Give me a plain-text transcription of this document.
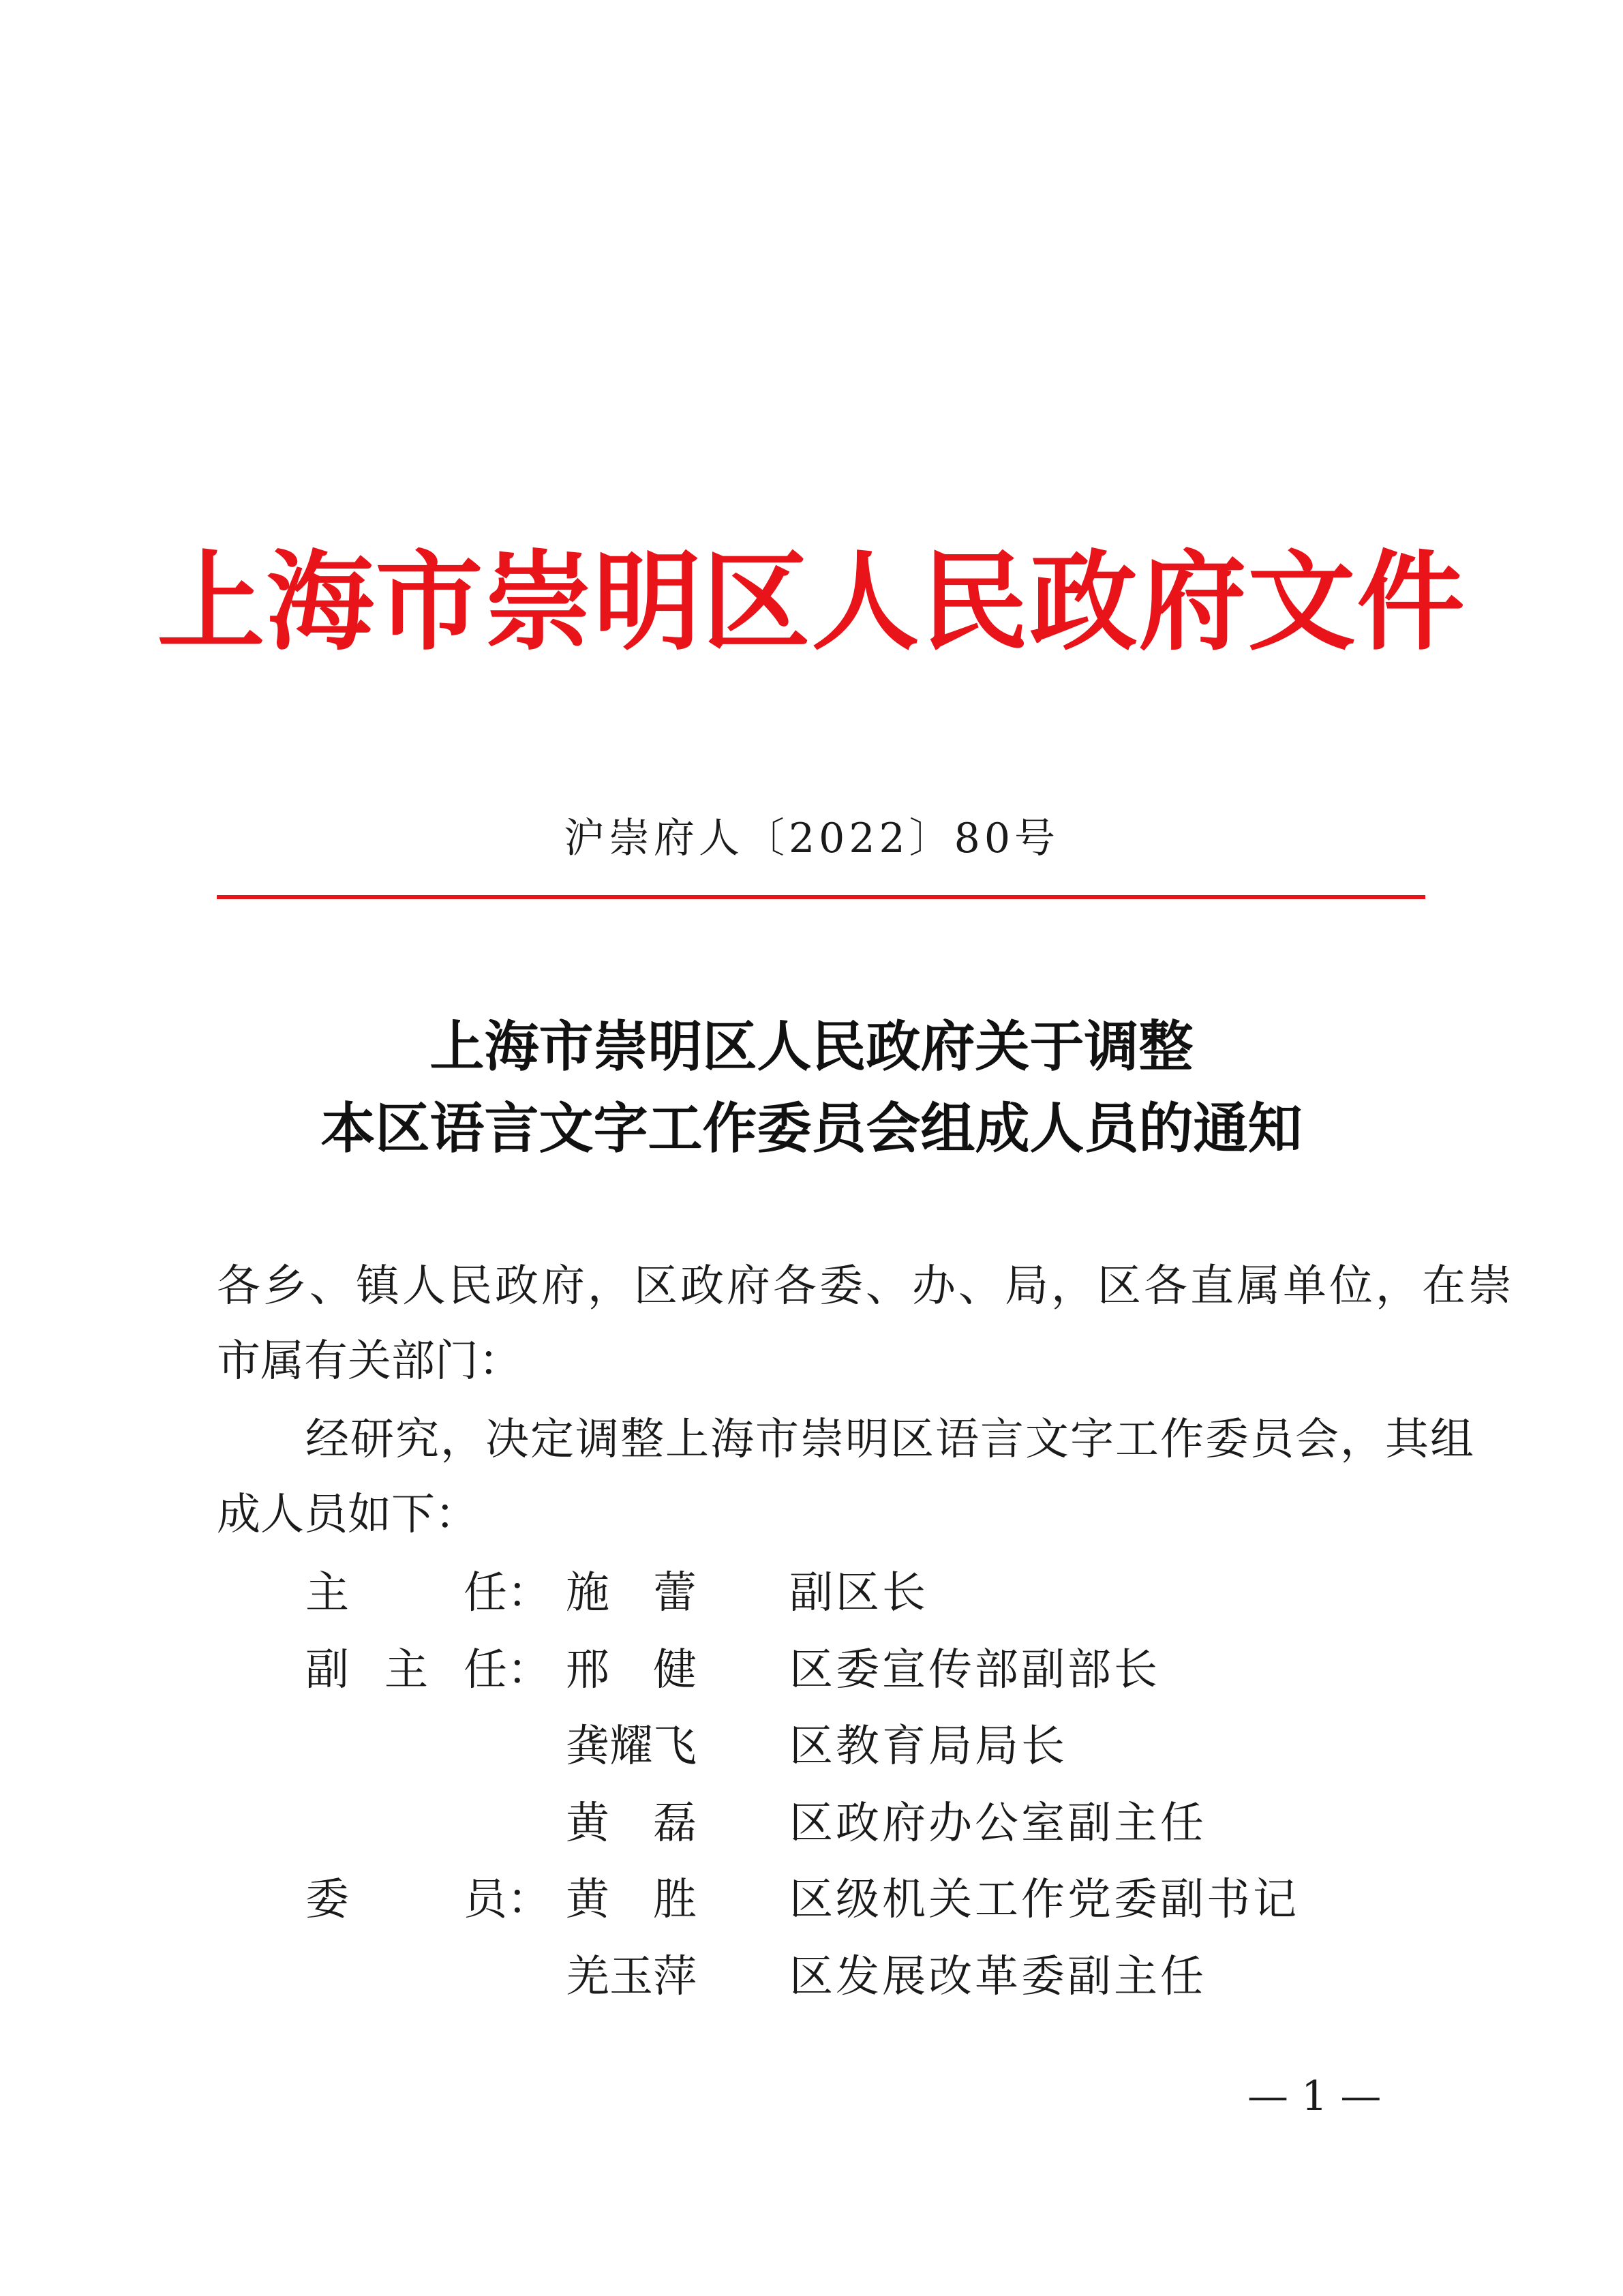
上海市崇明区人民政府文件
沪崇府人〔2022〕80号
上海市崇明区人民政府关于调整
本区语言文字工作委员会组成人员的通知
各乡、镇人民政府，区政府各委、办、局，区各直属单位，在崇
市属有关部门：
经研究，决定调整上海市崇明区语言文字工作委员会，其组
成人员如下：
主	任： 施 蕾 副区长
副 主 任： 邢 健 区委宣传部副部长
龚 耀 飞 区教育局局长
黄 磊 区政府办公室副主任
委	员： 黄 胜 区级机关工作党委副书记
羌 玉 萍 区发展改革委副主任
— 1 —
